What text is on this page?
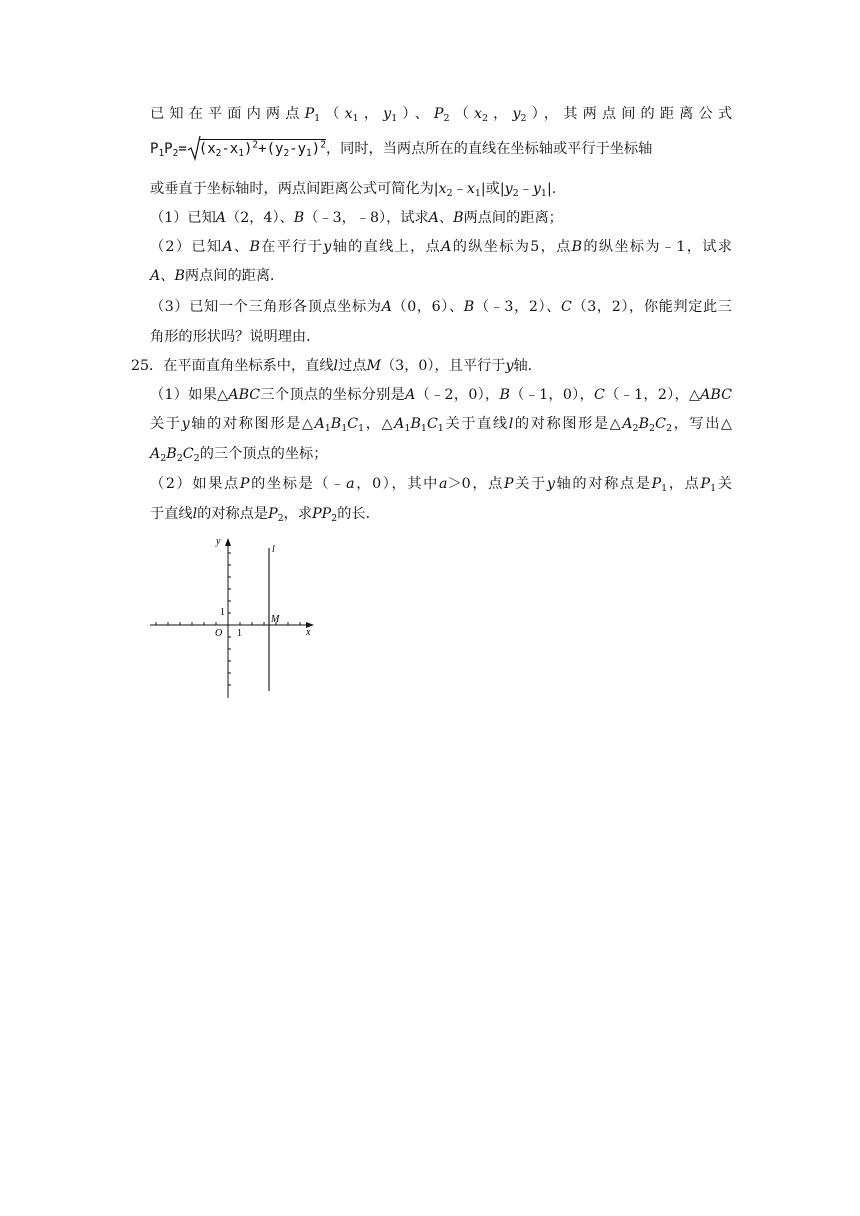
已知在平面内两点$P_1(x_1$，$y_1$）、$P_2(x_2$，$y_2$），其两点间的距离公式
$P_1P_2= (x_2-x_1)^2+(y_2-y_1)^2$，同时，当两点所在的直线在坐标轴或平行于坐标轴
或垂直于坐标轴时，两点间距离公式可简化为$|x_2﹣x_1|$或$|y_2﹣y_1|$.
（1）已知A（2，4）、B（﹣3，﹣8），试求A、B两点间的距离；
（2）已知A、B在平行于y轴的直线上，点A的纵坐标为5，点B的纵坐标为﹣1，试求
A、B两点间的距离．
（3）已知一个三角形各顶点坐标为A（0，6）、B（﹣3，2）、C（3，2），你能判定此三
角形的形状吗？说明理由．
25．在平面直角坐标系中，直线l过点M（3，0），且平行于y轴．
（1）如果△ABC三个顶点的坐标分别是A（﹣2，0），B（﹣1，0），C（﹣1，2），△ABC
关于y轴的对称图形是$\triangle A_1B_1C_1$，$\triangle A_1B_1C_1$关于直线l的对称图形是$\triangle A_2B_2C_2$，写出△
$A_2B_2C_2$的三个顶点的坐标；
（2）如果点P的坐标是（﹣a，0），其中a＞0，点P关于y轴的对称点是$P_1$，点$P_1$关
于直线l的对称点是$P_2$，求$PP_2$的长．
y
x
O 1
1
l
M
